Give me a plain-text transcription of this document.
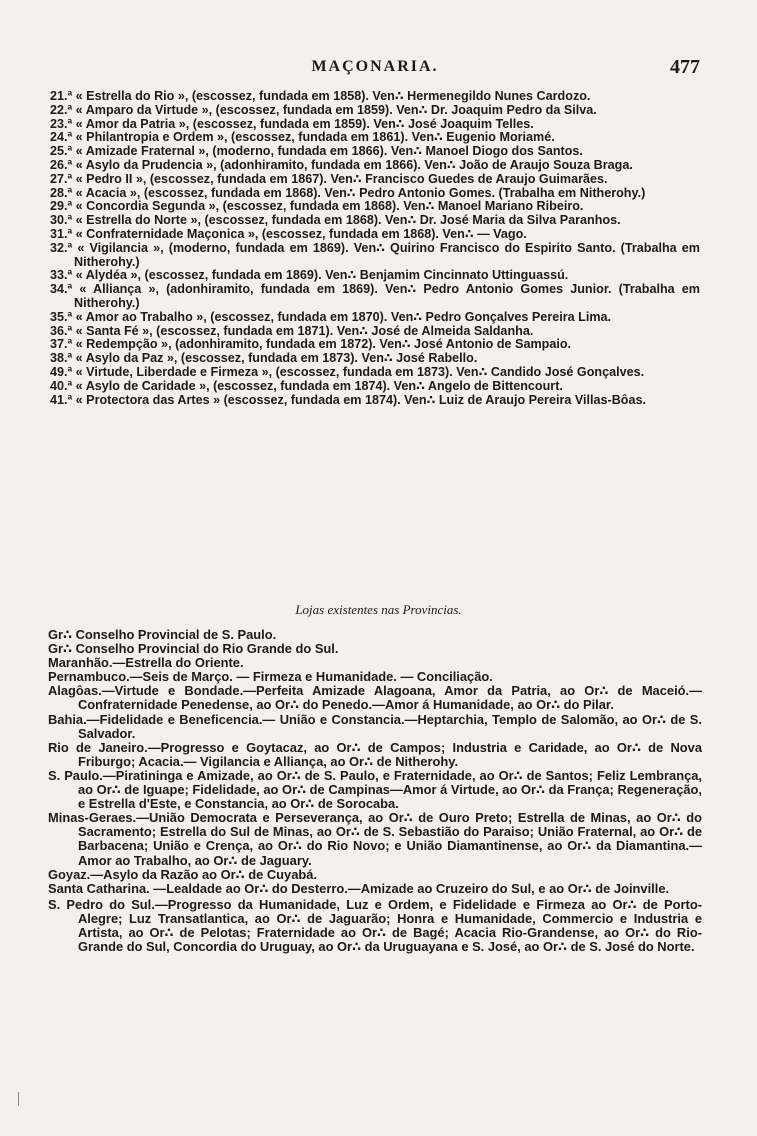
MAÇONARIA.	477
21.ª « Estrella do Rio », (escossez, fundada em 1858). Ven∴ Hermenegildo Nunes Cardozo.
22.ª « Amparo da Virtude », (escossez, fundada em 1859). Ven∴ Dr. Joaquim Pedro da Silva.
23.ª « Amor da Patria », (escossez, fundada em 1859). Ven∴ José Joaquim Telles.
24.ª « Philantropia e Ordem », (escossez, fundada em 1861). Ven∴ Eugenio Moriamé.
25.ª « Amizade Fraternal », (moderno, fundada em 1866). Ven∴ Manoel Diogo dos Santos.
26.ª « Asylo da Prudencia », (adonhiramito, fundada em 1866). Ven∴ João de Araujo Souza Braga.
27.ª « Pedro II », (escossez, fundada em 1867). Ven∴ Francisco Guedes de Araujo Guimarães.
28.ª « Acacia », (escossez, fundada em 1868). Ven∴ Pedro Antonio Gomes. (Trabalha em Nitherohy.)
29.ª « Concordia Segunda », (escossez, fundada em 1868). Ven∴ Manoel Mariano Ribeiro.
30.ª « Estrella do Norte », (escossez, fundada em 1868). Ven∴ Dr. José Maria da Silva Paranhos.
31.ª « Confraternidade Maçonica », (escossez, fundada em 1868). Ven∴ — Vago.
32.ª « Vigilancia », (moderno, fundada em 1869). Ven∴ Quirino Francisco do Espirito Santo. (Trabalha em Nitherohy.)
33.ª « Alydéa », (escossez, fundada em 1869). Ven∴ Benjamim Cincinnato Uttinguassú.
34.ª « Alliança », (adonhiramito, fundada em 1869). Ven∴ Pedro Antonio Gomes Junior. (Trabalha em Nitherohy.)
35.ª « Amor ao Trabalho », (escossez, fundada em 1870). Ven∴ Pedro Gonçalves Pereira Lima.
36.ª « Santa Fé », (escossez, fundada em 1871). Ven∴ José de Almeida Saldanha.
37.ª « Redempção », (adonhiramito, fundada em 1872). Ven∴ José Antonio de Sampaio.
38.ª « Asylo da Paz », (escossez, fundada em 1873). Ven∴ José Rabello.
49.ª « Virtude, Liberdade e Firmeza », (escossez, fundada em 1873). Ven∴ Candido José Gonçalves.
40.ª « Asylo de Caridade », (escossez, fundada em 1874). Ven∴ Angelo de Bittencourt.
41.ª « Protectora das Artes » (escossez, fundada em 1874). Ven∴ Luiz de Araujo Pereira Villas-Bôas.
Lojas existentes nas Provincias.
Gr∴ Conselho Provincial de S. Paulo.
Gr∴ Conselho Provincial do Rio Grande do Sul.
Maranhão.—Estrella do Oriente.
Pernambuco.—Seis de Março. — Firmeza e Humanidade. — Conciliação.
Alagôas.—Virtude e Bondade.—Perfeita Amizade Alagoana, Amor da Patria, ao Or∴ de Maceió.—Confraternidade Penedense, ao Or∴ do Penedo.—Amor á Humanidade, ao Or∴ do Pilar.
Bahia.—Fidelidade e Beneficencia.— União e Constancia.—Heptarchia, Templo de Salomão, ao Or∴ de S. Salvador.
Rio de Janeiro.—Progresso e Goytacaz, ao Or∴ de Campos; Industria e Caridade, ao Or∴ de Nova Friburgo; Acacia.— Vigilancia e Alliança, ao Or∴ de Nitherohy.
S. Paulo.—Piratininga e Amizade, ao Or∴ de S. Paulo, e Fraternidade, ao Or∴ de Santos; Feliz Lembrança, ao Or∴ de Iguape; Fidelidade, ao Or∴ de Campinas—Amor á Virtude, ao Or∴ da França; Regeneração, e Estrella d'Este, e Constancia, ao Or∴ de Sorocaba.
Minas-Geraes.—União Democrata e Perseverança, ao Or∴ de Ouro Preto; Estrella de Minas, ao Or∴ do Sacramento; Estrella do Sul de Minas, ao Or∴ de S. Sebastião do Paraiso; União Fraternal, ao Or∴ de Barbacena; União e Crença, ao Or∴ do Rio Novo; e União Diamantinense, ao Or∴ da Diamantina.—Amor ao Trabalho, ao Or∴ de Jaguary.
Goyaz.—Asylo da Razão ao Or∴ de Cuyabá.
Santa Catharina. —Lealdade ao Or∴ do Desterro.—Amizade ao Cruzeiro do Sul, e ao Or∴ de Joinville.
S. Pedro do Sul.—Progresso da Humanidade, Luz e Ordem, e Fidelidade e Firmeza ao Or∴ de Porto-Alegre; Luz Transatlantica, ao Or∴ de Jaguarão; Honra e Humanidade, Commercio e Industria e Artista, ao Or∴ de Pelotas; Fraternidade ao Or∴ de Bagé; Acacia Rio-Grandense, ao Or∴ do Rio-Grande do Sul, Concordia do Uruguay, ao Or∴ da Uruguayana e S. José, ao Or∴ de S. José do Norte.
